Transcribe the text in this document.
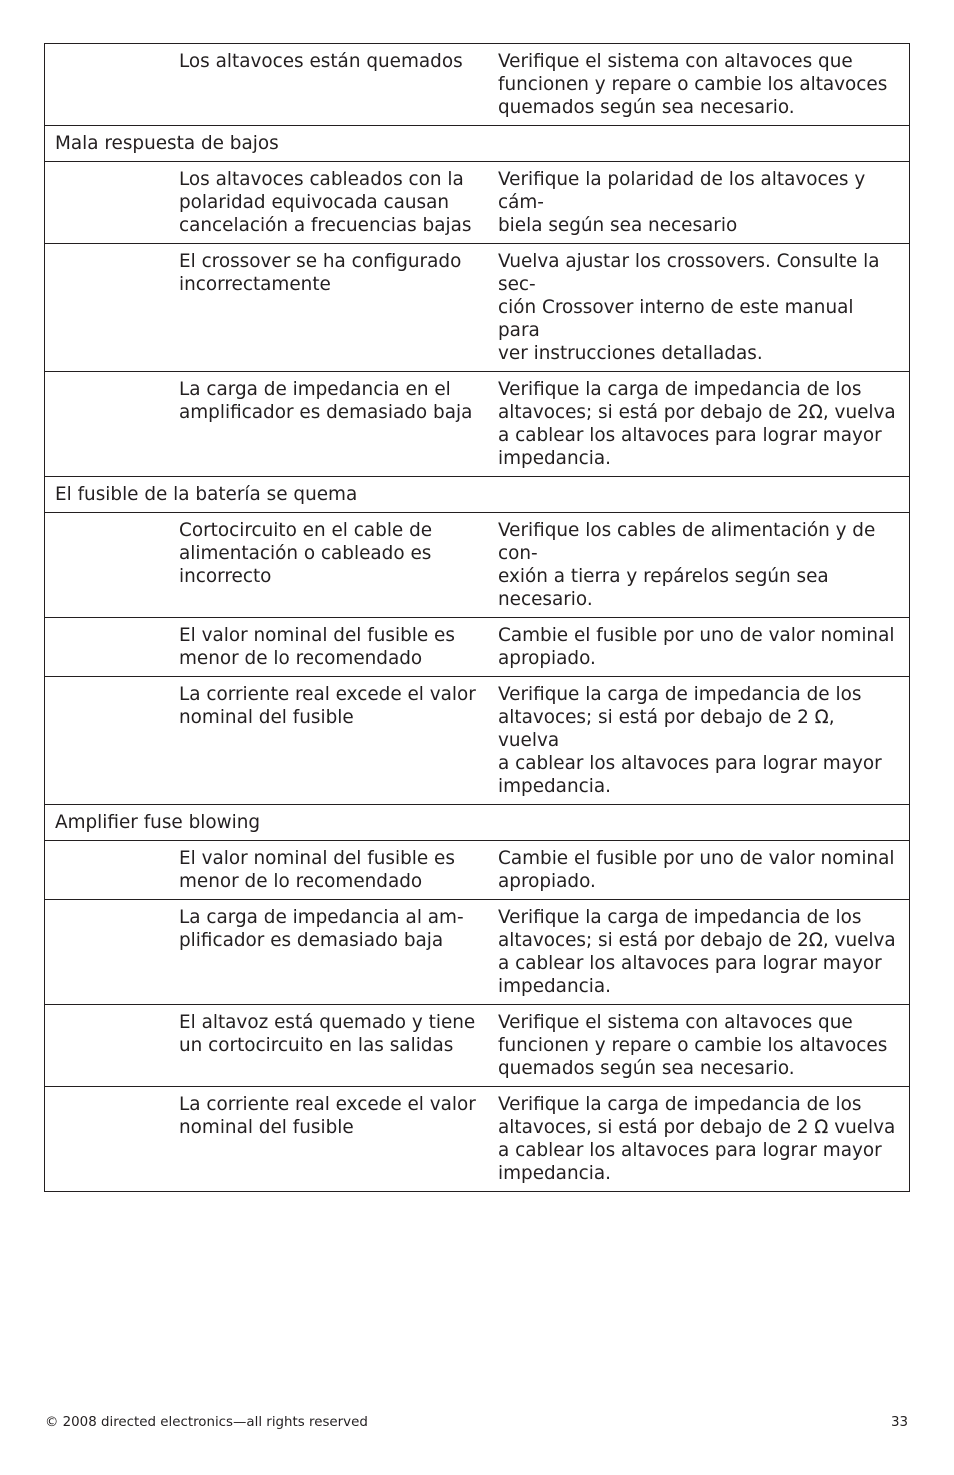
	Los altavoces están quemados	Verifique el sistema con altavoces que
funcionen y repare o cambie los altavoces
quemados según sea necesario.
Mala respuesta de bajos		
	Los altavoces cableados con la
polaridad equivocada causan
cancelación a frecuencias bajas	Verifique la polaridad de los altavoces y cám-
biela según sea necesario
	El crossover se ha configurado
incorrectamente	Vuelva ajustar los crossovers. Consulte la sec-
ción Crossover interno de este manual para
ver instrucciones detalladas.
	La carga de impedancia en el
amplificador es demasiado baja	Verifique la carga de impedancia de los
altavoces; si está por debajo de 2Ω, vuelva
a cablear los altavoces para lograr mayor
impedancia.
El fusible de la batería se quema		
	Cortocircuito en el cable de
alimentación o cableado es
incorrecto	Verifique los cables de alimentación y de con-
exión a tierra y repárelos según sea necesario.
	El valor nominal del fusible es
menor de lo recomendado	Cambie el fusible por uno de valor nominal
apropiado.
	La corriente real excede el valor
nominal del fusible	Verifique la carga de impedancia de los
altavoces; si está por debajo de 2 Ω, vuelva
a cablear los altavoces para lograr mayor
impedancia.
Amplifier fuse blowing		
	El valor nominal del fusible es
menor de lo recomendado	Cambie el fusible por uno de valor nominal
apropiado.
	La carga de impedancia al am-
plificador es demasiado baja	Verifique la carga de impedancia de los
altavoces; si está por debajo de 2Ω, vuelva
a cablear los altavoces para lograr mayor
impedancia.
	El altavoz está quemado y tiene
un cortocircuito en las salidas	Verifique el sistema con altavoces que
funcionen y repare o cambie los altavoces
quemados según sea necesario.
	La corriente real excede el valor
nominal del fusible	Verifique la carga de impedancia de los
altavoces, si está por debajo de 2 Ω vuelva
a cablear los altavoces para lograr mayor
impedancia.
© 2008 directed electronics—all rights reserved	33
